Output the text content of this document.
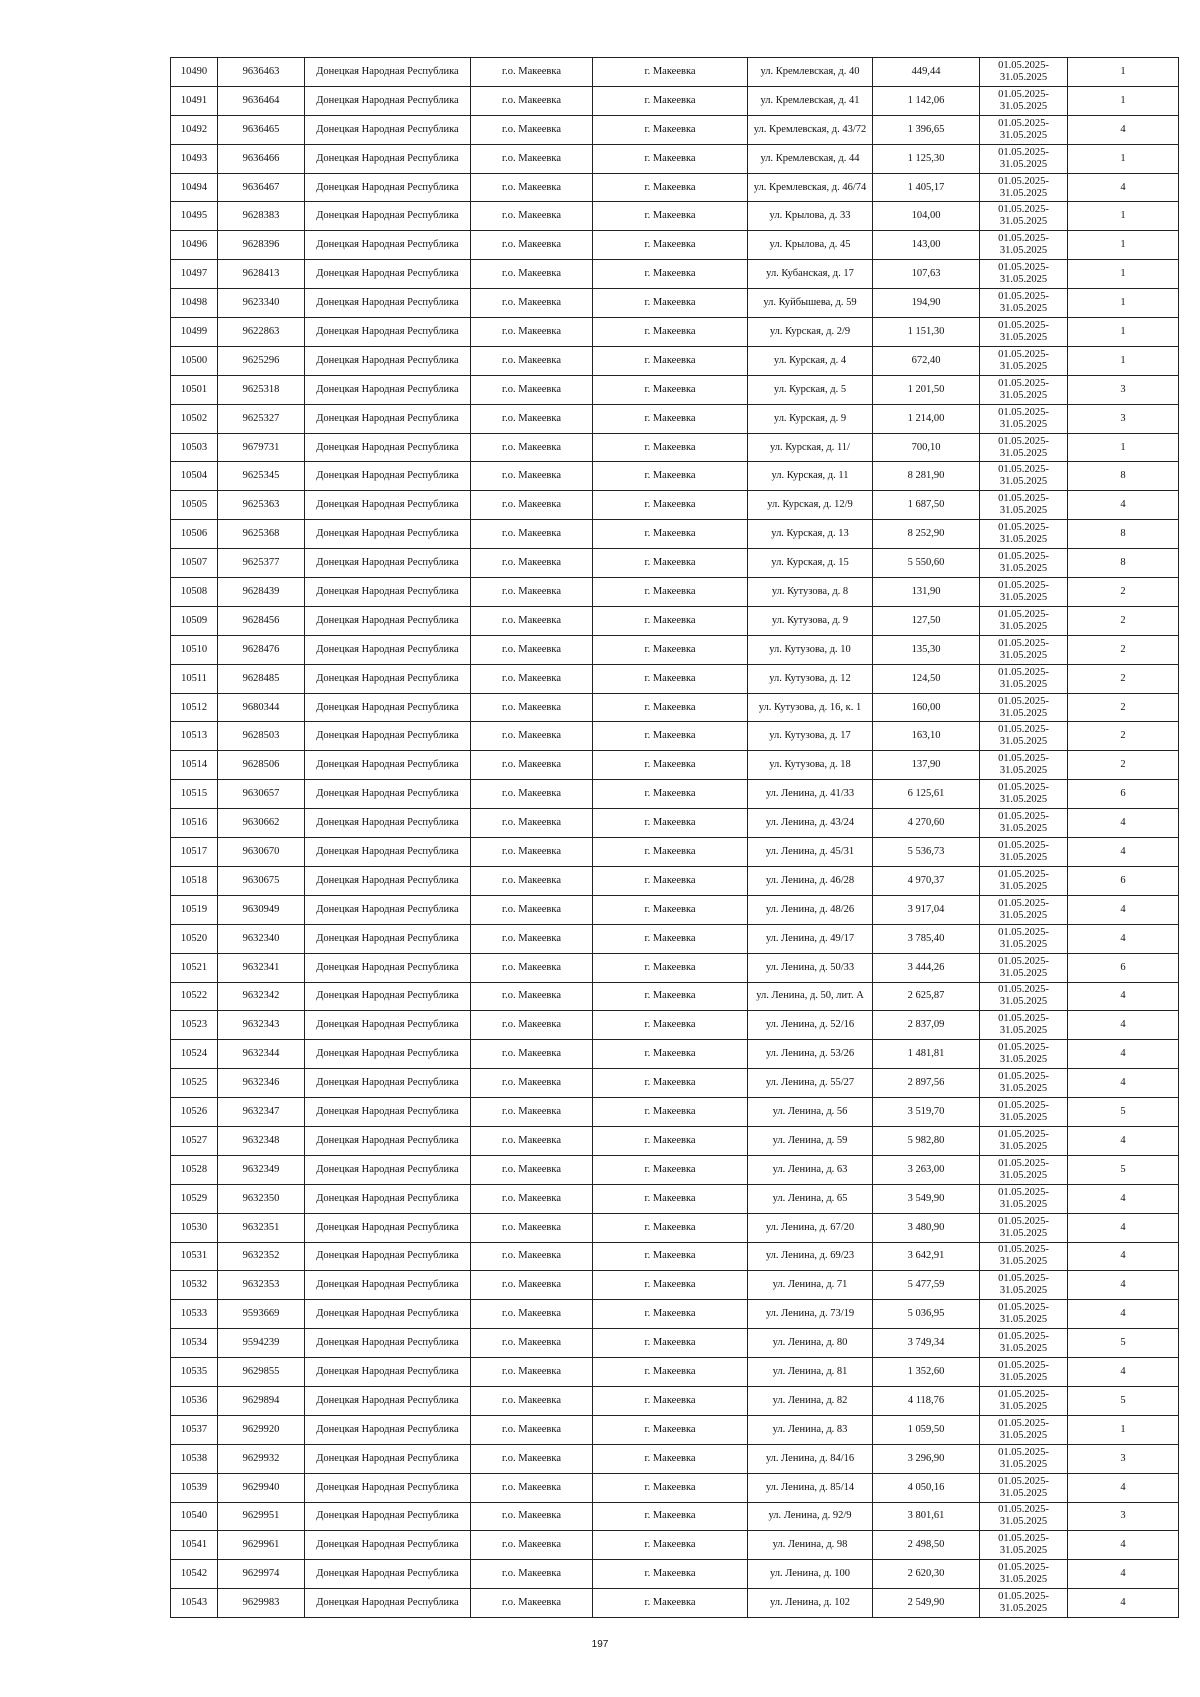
10490	9636463	Донецкая Народная Республика	г.о. Макеевка	г. Макеевка	ул. Кремлевская, д. 40	449,44	01.05.2025-31.05.2025	1
10491	9636464	Донецкая Народная Республика	г.о. Макеевка	г. Макеевка	ул. Кремлевская, д. 41	1 142,06	01.05.2025-31.05.2025	1
10492	9636465	Донецкая Народная Республика	г.о. Макеевка	г. Макеевка	ул. Кремлевская, д. 43/72	1 396,65	01.05.2025-31.05.2025	4
10493	9636466	Донецкая Народная Республика	г.о. Макеевка	г. Макеевка	ул. Кремлевская, д. 44	1 125,30	01.05.2025-31.05.2025	1
10494	9636467	Донецкая Народная Республика	г.о. Макеевка	г. Макеевка	ул. Кремлевская, д. 46/74	1 405,17	01.05.2025-31.05.2025	4
10495	9628383	Донецкая Народная Республика	г.о. Макеевка	г. Макеевка	ул. Крылова, д. 33	104,00	01.05.2025-31.05.2025	1
10496	9628396	Донецкая Народная Республика	г.о. Макеевка	г. Макеевка	ул. Крылова, д. 45	143,00	01.05.2025-31.05.2025	1
10497	9628413	Донецкая Народная Республика	г.о. Макеевка	г. Макеевка	ул. Кубанская, д. 17	107,63	01.05.2025-31.05.2025	1
10498	9623340	Донецкая Народная Республика	г.о. Макеевка	г. Макеевка	ул. Куйбышева, д. 59	194,90	01.05.2025-31.05.2025	1
10499	9622863	Донецкая Народная Республика	г.о. Макеевка	г. Макеевка	ул. Курская, д. 2/9	1 151,30	01.05.2025-31.05.2025	1
10500	9625296	Донецкая Народная Республика	г.о. Макеевка	г. Макеевка	ул. Курская, д. 4	672,40	01.05.2025-31.05.2025	1
10501	9625318	Донецкая Народная Республика	г.о. Макеевка	г. Макеевка	ул. Курская, д. 5	1 201,50	01.05.2025-31.05.2025	3
10502	9625327	Донецкая Народная Республика	г.о. Макеевка	г. Макеевка	ул. Курская, д. 9	1 214,00	01.05.2025-31.05.2025	3
10503	9679731	Донецкая Народная Республика	г.о. Макеевка	г. Макеевка	ул. Курская, д. 11/	700,10	01.05.2025-31.05.2025	1
10504	9625345	Донецкая Народная Республика	г.о. Макеевка	г. Макеевка	ул. Курская, д. 11	8 281,90	01.05.2025-31.05.2025	8
10505	9625363	Донецкая Народная Республика	г.о. Макеевка	г. Макеевка	ул. Курская, д. 12/9	1 687,50	01.05.2025-31.05.2025	4
10506	9625368	Донецкая Народная Республика	г.о. Макеевка	г. Макеевка	ул. Курская, д. 13	8 252,90	01.05.2025-31.05.2025	8
10507	9625377	Донецкая Народная Республика	г.о. Макеевка	г. Макеевка	ул. Курская, д. 15	5 550,60	01.05.2025-31.05.2025	8
10508	9628439	Донецкая Народная Республика	г.о. Макеевка	г. Макеевка	ул. Кутузова, д. 8	131,90	01.05.2025-31.05.2025	2
10509	9628456	Донецкая Народная Республика	г.о. Макеевка	г. Макеевка	ул. Кутузова, д. 9	127,50	01.05.2025-31.05.2025	2
10510	9628476	Донецкая Народная Республика	г.о. Макеевка	г. Макеевка	ул. Кутузова, д. 10	135,30	01.05.2025-31.05.2025	2
10511	9628485	Донецкая Народная Республика	г.о. Макеевка	г. Макеевка	ул. Кутузова, д. 12	124,50	01.05.2025-31.05.2025	2
10512	9680344	Донецкая Народная Республика	г.о. Макеевка	г. Макеевка	ул. Кутузова, д. 16, к. 1	160,00	01.05.2025-31.05.2025	2
10513	9628503	Донецкая Народная Республика	г.о. Макеевка	г. Макеевка	ул. Кутузова, д. 17	163,10	01.05.2025-31.05.2025	2
10514	9628506	Донецкая Народная Республика	г.о. Макеевка	г. Макеевка	ул. Кутузова, д. 18	137,90	01.05.2025-31.05.2025	2
10515	9630657	Донецкая Народная Республика	г.о. Макеевка	г. Макеевка	ул. Ленина, д. 41/33	6 125,61	01.05.2025-31.05.2025	6
10516	9630662	Донецкая Народная Республика	г.о. Макеевка	г. Макеевка	ул. Ленина, д. 43/24	4 270,60	01.05.2025-31.05.2025	4
10517	9630670	Донецкая Народная Республика	г.о. Макеевка	г. Макеевка	ул. Ленина, д. 45/31	5 536,73	01.05.2025-31.05.2025	4
10518	9630675	Донецкая Народная Республика	г.о. Макеевка	г. Макеевка	ул. Ленина, д. 46/28	4 970,37	01.05.2025-31.05.2025	6
10519	9630949	Донецкая Народная Республика	г.о. Макеевка	г. Макеевка	ул. Ленина, д. 48/26	3 917,04	01.05.2025-31.05.2025	4
10520	9632340	Донецкая Народная Республика	г.о. Макеевка	г. Макеевка	ул. Ленина, д. 49/17	3 785,40	01.05.2025-31.05.2025	4
10521	9632341	Донецкая Народная Республика	г.о. Макеевка	г. Макеевка	ул. Ленина, д. 50/33	3 444,26	01.05.2025-31.05.2025	6
10522	9632342	Донецкая Народная Республика	г.о. Макеевка	г. Макеевка	ул. Ленина, д. 50, лит. А	2 625,87	01.05.2025-31.05.2025	4
10523	9632343	Донецкая Народная Республика	г.о. Макеевка	г. Макеевка	ул. Ленина, д. 52/16	2 837,09	01.05.2025-31.05.2025	4
10524	9632344	Донецкая Народная Республика	г.о. Макеевка	г. Макеевка	ул. Ленина, д. 53/26	1 481,81	01.05.2025-31.05.2025	4
10525	9632346	Донецкая Народная Республика	г.о. Макеевка	г. Макеевка	ул. Ленина, д. 55/27	2 897,56	01.05.2025-31.05.2025	4
10526	9632347	Донецкая Народная Республика	г.о. Макеевка	г. Макеевка	ул. Ленина, д. 56	3 519,70	01.05.2025-31.05.2025	5
10527	9632348	Донецкая Народная Республика	г.о. Макеевка	г. Макеевка	ул. Ленина, д. 59	5 982,80	01.05.2025-31.05.2025	4
10528	9632349	Донецкая Народная Республика	г.о. Макеевка	г. Макеевка	ул. Ленина, д. 63	3 263,00	01.05.2025-31.05.2025	5
10529	9632350	Донецкая Народная Республика	г.о. Макеевка	г. Макеевка	ул. Ленина, д. 65	3 549,90	01.05.2025-31.05.2025	4
10530	9632351	Донецкая Народная Республика	г.о. Макеевка	г. Макеевка	ул. Ленина, д. 67/20	3 480,90	01.05.2025-31.05.2025	4
10531	9632352	Донецкая Народная Республика	г.о. Макеевка	г. Макеевка	ул. Ленина, д. 69/23	3 642,91	01.05.2025-31.05.2025	4
10532	9632353	Донецкая Народная Республика	г.о. Макеевка	г. Макеевка	ул. Ленина, д. 71	5 477,59	01.05.2025-31.05.2025	4
10533	9593669	Донецкая Народная Республика	г.о. Макеевка	г. Макеевка	ул. Ленина, д. 73/19	5 036,95	01.05.2025-31.05.2025	4
10534	9594239	Донецкая Народная Республика	г.о. Макеевка	г. Макеевка	ул. Ленина, д. 80	3 749,34	01.05.2025-31.05.2025	5
10535	9629855	Донецкая Народная Республика	г.о. Макеевка	г. Макеевка	ул. Ленина, д. 81	1 352,60	01.05.2025-31.05.2025	4
10536	9629894	Донецкая Народная Республика	г.о. Макеевка	г. Макеевка	ул. Ленина, д. 82	4 118,76	01.05.2025-31.05.2025	5
10537	9629920	Донецкая Народная Республика	г.о. Макеевка	г. Макеевка	ул. Ленина, д. 83	1 059,50	01.05.2025-31.05.2025	1
10538	9629932	Донецкая Народная Республика	г.о. Макеевка	г. Макеевка	ул. Ленина, д. 84/16	3 296,90	01.05.2025-31.05.2025	3
10539	9629940	Донецкая Народная Республика	г.о. Макеевка	г. Макеевка	ул. Ленина, д. 85/14	4 050,16	01.05.2025-31.05.2025	4
10540	9629951	Донецкая Народная Республика	г.о. Макеевка	г. Макеевка	ул. Ленина, д. 92/9	3 801,61	01.05.2025-31.05.2025	3
10541	9629961	Донецкая Народная Республика	г.о. Макеевка	г. Макеевка	ул. Ленина, д. 98	2 498,50	01.05.2025-31.05.2025	4
10542	9629974	Донецкая Народная Республика	г.о. Макеевка	г. Макеевка	ул. Ленина, д. 100	2 620,30	01.05.2025-31.05.2025	4
10543	9629983	Донецкая Народная Республика	г.о. Макеевка	г. Макеевка	ул. Ленина, д. 102	2 549,90	01.05.2025-31.05.2025	4
197
